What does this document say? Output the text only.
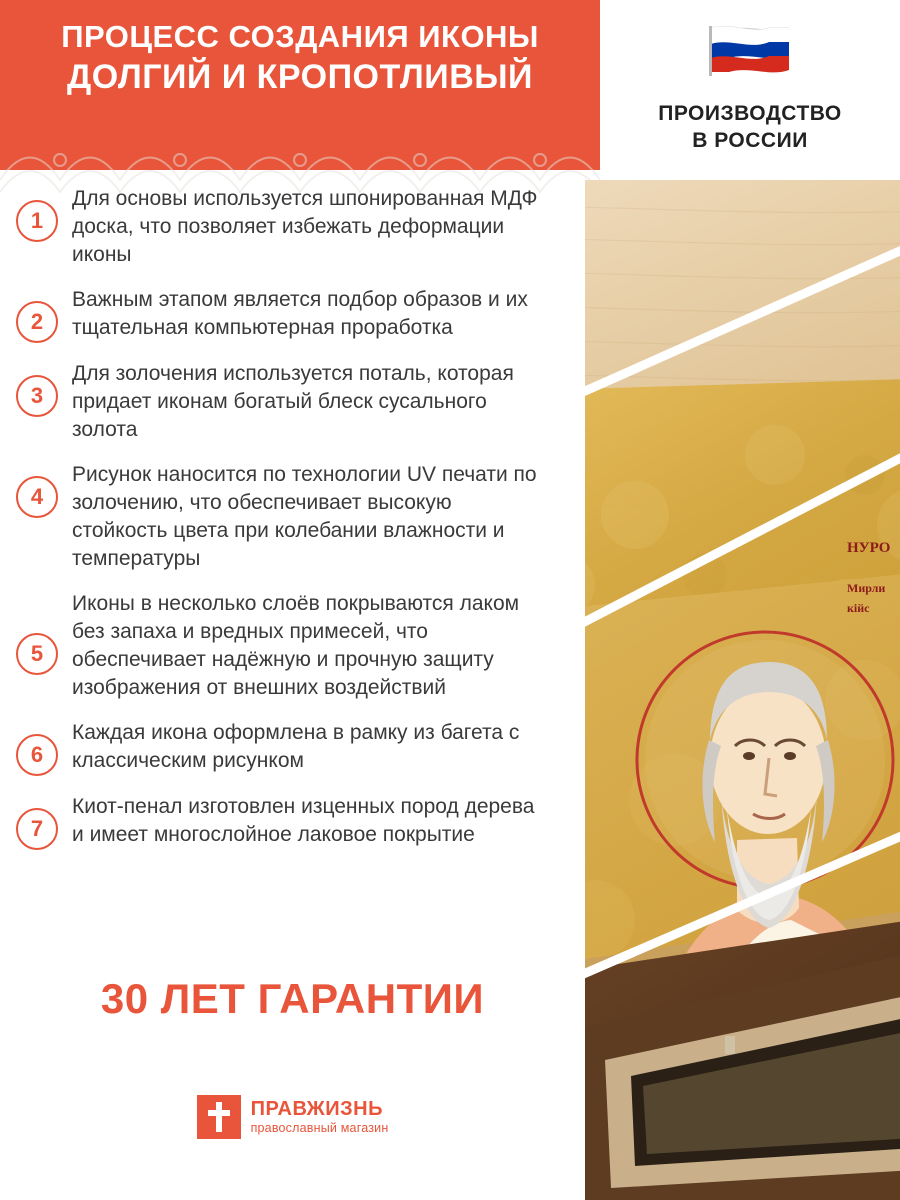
ПРОЦЕСС СОЗДАНИЯ ИКОНЫ
ДОЛГИЙ И КРОПОТЛИВЫЙ
ПРОИЗВОДСТВО
В РОССИИ
1
Для основы используется шпонированная МДФ доска, что позволяет избежать деформации иконы
2
Важным этапом является подбор образов и их тщательная компьютерная проработка
3
Для золочения используется поталь, которая придает иконам богатый блеск сусального золота
4
Рисунок наносится по технологии UV печати по золочению, что обеспечивает высокую стойкость цвета при колебании влажности и температуры
5
Иконы в несколько слоёв покрываются лаком без запаха и вредных примесей, что обеспечивает надёжную и прочную защиту изображения от внешних воздействий
6
Каждая икона оформлена в рамку из багета с классическим рисунком
7
Киот-пенал изготовлен изценных пород дерева и имеет многослойное лаковое покрытие
30 ЛЕТ ГАРАНТИИ
ПРАВЖИЗНЬ
православный магазин
НУРО
Мирли
кiйс
